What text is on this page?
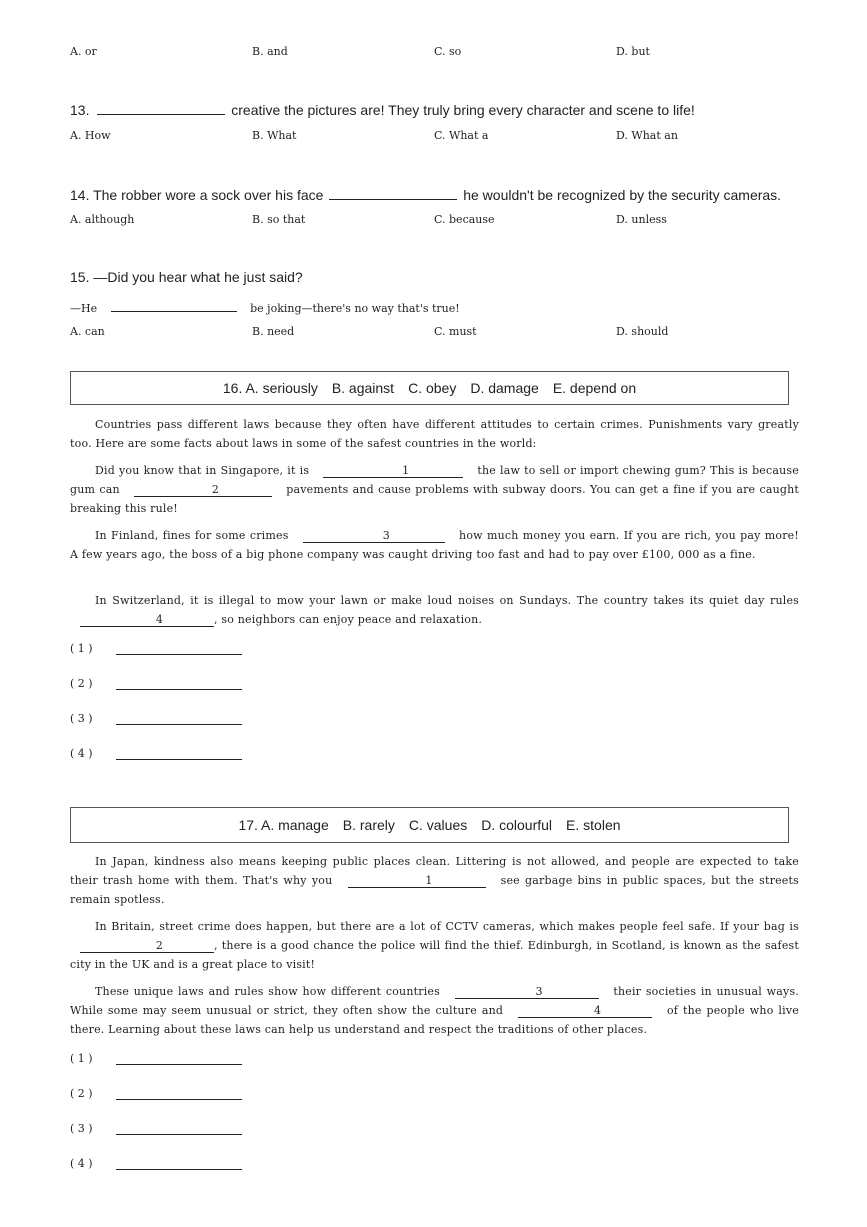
A. or	B. and	C. so	D. but
13.	creative the pictures are! They truly bring every character and scene to life!
A. How	B. What	C. What a	D. What an
14. The robber wore a sock over his face	he wouldn't be recognized by the security cameras.
A. although	B. so that	C. because	D. unless
15. —Did you hear what he just said?
—He	be joking—there's no way that's true!
A. can	B. need	C. must	D. should
16. A. seriously B. against C. obey D. damage E. depend on
Countries pass different laws because they often have different attitudes to certain crimes. Punishments vary greatly too. Here are some facts about laws in some of the safest countries in the world:
Did you know that in Singapore, it is	1	the law to sell or import chewing gum? This is because gum can	2	pavements and cause problems with subway doors. You can get a fine if you are caught breaking this rule!
In Finland, fines for some crimes	3	how much money you earn. If you are rich, you pay more! A few years ago, the boss of a big phone company was caught driving too fast and had to pay over £100, 000 as a fine.
In Switzerland, it is illegal to mow your lawn or make loud noises on Sundays. The country takes its quiet day rules 4	, so neighbors can enjoy peace and relaxation.
( 1 )
( 2 )
( 3 )
( 4 )
17. A. manage B. rarely C. values D. colourful E. stolen
In Japan, kindness also means keeping public places clean. Littering is not allowed, and people are expected to take their trash home with them. That's why you	1	see garbage bins in public spaces, but the streets remain spotless.
In Britain, street crime does happen, but there are a lot of CCTV cameras, which makes people feel safe. If your bag is 2	, there is a good chance the police will find the thief. Edinburgh, in Scotland, is known as the safest city in the UK and is a great place to visit!
These unique laws and rules show how different countries	3	their societies in unusual ways. While some may seem unusual or strict, they often show the culture and	4	of the people who live there. Learning about these laws can help us understand and respect the traditions of other places.
( 1 )
( 2 )
( 3 )
( 4 )
